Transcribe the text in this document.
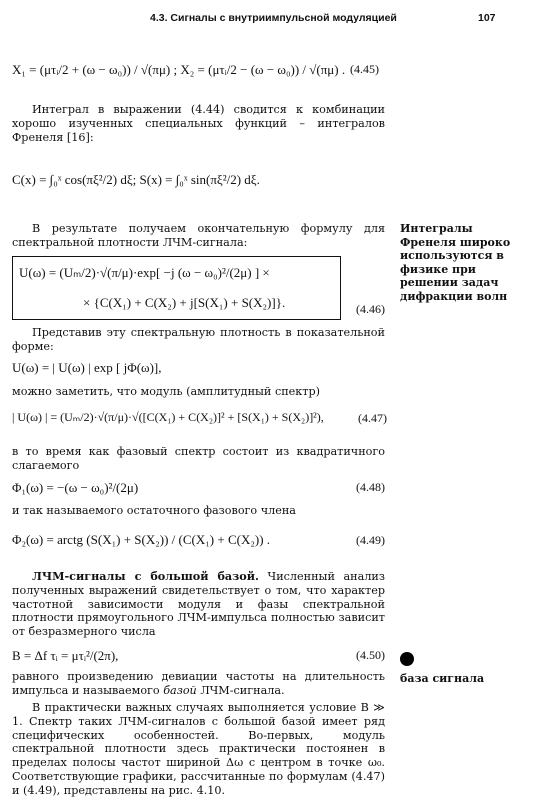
4.3. Сигналы с внутриимпульсной модуляцией	107
X₁ = (μτᵢ/2 + (ω − ω₀)) / √(πμ) ; X₂ = (μτᵢ/2 − (ω − ω₀)) / √(πμ) . (4.45)
Интеграл в выражении (4.44) сводится к комбинации хорошо изученных специальных функций – интегралов Френеля [16]:
C(x) = ∫₀ˣ cos(πξ²/2) dξ; S(x) = ∫₀ˣ sin(πξ²/2) dξ.
В результате получаем окончательную формулу для спектральной плотности ЛЧМ-сигнала:
U(ω) = (Uₘ/2)·√(π/μ)·exp[ −j (ω − ω₀)²/(2μ) ] ×
× {C(X₁) + C(X₂) + j[S(X₁) + S(X₂)]}.	(4.46)
Представив эту спектральную плотность в показательной форме:
U(ω) = | U(ω) | exp [ jΦ(ω)],
можно заметить, что модуль (амплитудный спектр)
| U(ω) | = (Uₘ/2)·√(π/μ)·√([C(X₁) + C(X₂)]² + [S(X₁) + S(X₂)]²),	(4.47)
в то время как фазовый спектр состоит из квадратичного слагаемого
Φ₁(ω) = −(ω − ω₀)²/(2μ)	(4.48)
и так называемого остаточного фазового члена
Φ₂(ω) = arctg (S(X₁) + S(X₂)) / (C(X₁) + C(X₂)) .	(4.49)
ЛЧМ-сигналы с большой базой. Численный анализ полученных выражений свидетельствует о том, что характер частотной зависимости модуля и фазы спектральной плотности прямоугольного ЛЧМ-импульса полностью зависит от безразмерного числа
B = Δf τᵢ = μτᵢ²/(2π),	(4.50)
равного произведению девиации частоты на длительность импульса и называемого базой ЛЧМ-сигнала.
В практически важных случаях выполняется условие B ≫ 1. Спектр таких ЛЧМ-сигналов с большой базой имеет ряд специфических особенностей. Во-первых, модуль спектральной плотности здесь практически постоянен в пределах полосы частот шириной Δω с центром в точке ω₀. Соответствующие графики, рассчитанные по формулам (4.47) и (4.49), представлены на рис. 4.10.
Интегралы Френеля широко используются в физике при решении задач дифракции волн
база сигнала
